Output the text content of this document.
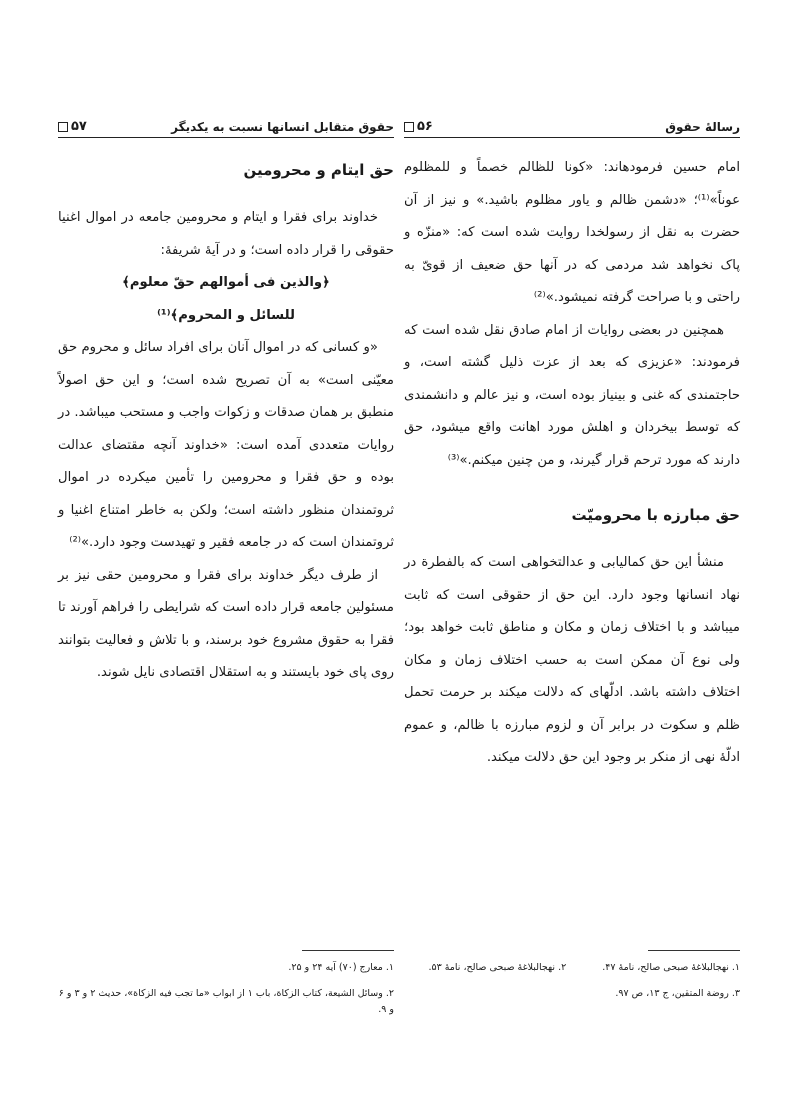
حقوق متقابل انسانها نسبت به یکدیگر
۵۷

حق ایتام و محرومین

خداوند برای فقرا و ایتام و محرومین جامعه در اموال اغنیا حقوقی را قرار داده است؛ و در آیهٔ شریفهٔ:

﴿والذین فی أموالهم حقّ معلوم﴾

للسائل و المحروم﴾⁽¹⁾

«و کسانی که در اموال آنان برای افراد سائل و محروم حق معیّنی است» به آن تصریح شده است؛ و این حق اصولاً منطبق بر همان صدقات و زکوات واجب و مستحب میباشد. در روایات متعددی آمده است: «خداوند آنچه مقتضای عدالت بوده و حق فقرا و محرومین را تأمین میکرده در اموال ثروتمندان منظور داشته است؛ ولکن به خاطر امتناع اغنیا و ثروتمندان است که در جامعه فقیر و تهیدست وجود دارد.»⁽²⁾

از طرف دیگر خداوند برای فقرا و محرومین حقی نیز بر مسئولین جامعه قرار داده است که شرایطی را فراهم آورند تا فقرا به حقوق مشروع خود برسند، و با تلاش و فعالیت بتوانند روی پای خود بایستند و به استقلال اقتصادی نایل شوند.

۱. معارج (۷۰) آیه ۲۴ و ۲۵.
۲. وسائل الشیعة، کتاب الزکاة، باب ۱ از ابواب «ما تجب فیه الزکاة»، حدیث ۲ و ۳ و ۶ و ۹.
رسالهٔ حقوق
۵۶

امام حسین‌ فرمودهاند: «کونا للظالم خصماً و للمظلوم عوناً»⁽¹⁾؛ «دشمن ظالم و یاور مظلوم باشید.» و نیز از آن حضرت به نقل از رسولخدا‌ روایت شده است که: «منزّه و پاک نخواهد شد مردمی که در آنها حق ضعیف از قویّ به راحتی و با صراحت گرفته نمیشود.»⁽²⁾

همچنین در بعضی روایات از امام صادق‌ نقل شده است که فرمودند: «عزیزی که بعد از عزت ذلیل گشته است، و حاجتمندی که غنی و بینیاز بوده است، و نیز عالم و دانشمندی که توسط بیخردان و اهلش مورد اهانت واقع میشود، حق دارند که مورد ترحم قرار گیرند، و من چنین میکنم.»⁽³⁾

حق مبارزه با محرومیّت

منشأ این حق کمالیابی و عدالتخواهی است که بالفطرة در نهاد انسانها وجود دارد. این حق از حقوقی است که ثابت میباشد و با اختلاف زمان و مکان و مناطق ثابت خواهد بود؛ ولی نوع آن ممکن است به حسب اختلاف زمان و مکان اختلاف داشته باشد. ادلّهای که دلالت میکند بر حرمت تحمل ظلم و سکوت در برابر آن و لزوم مبارزه با ظالم، و عموم ادلّهٔ نهی از منکر بر وجود این حق دلالت میکند.

۱. نهجالبلاغهٔ صبحی صالح، نامهٔ ۴۷.
۲. نهجالبلاغهٔ صبحی صالح، نامهٔ ۵۳.
۳. روضة المتقین، ج ۱۳، ص ۹۷.
